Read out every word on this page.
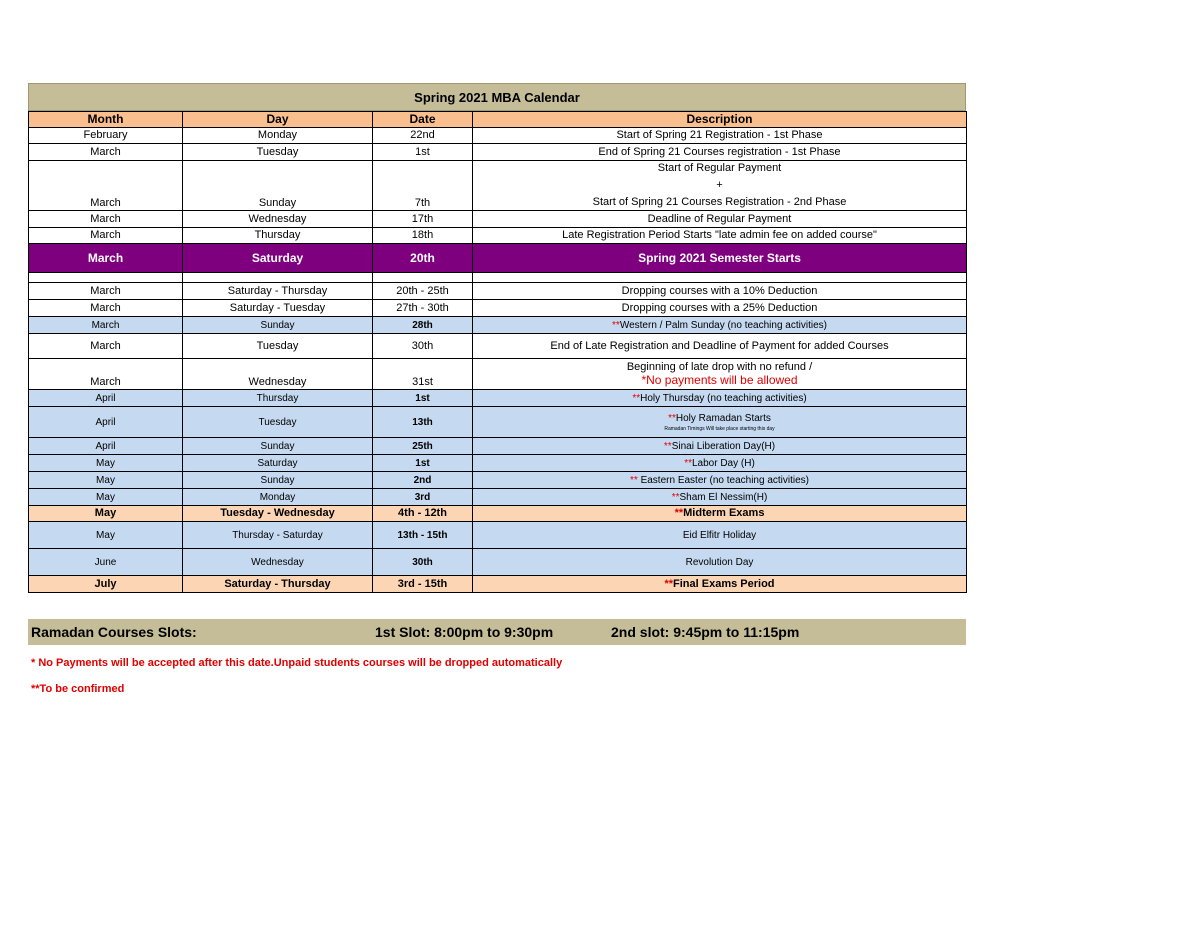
Spring 2021 MBA Calendar
Month	Day	Date	Description
February	Monday	22nd	Start of Spring 21 Registration - 1st Phase
March	Tuesday	1st	End of Spring 21 Courses registration - 1st Phase
March	Sunday	7th	Start of Regular Payment
+
Start of Spring 21 Courses Registration - 2nd Phase

March	Wednesday	17th	Deadline of Regular Payment
March	Thursday	18th	Late Registration Period Starts "late admin fee on added course"
March	Saturday	20th	Spring 2021 Semester Starts

March	Saturday - Thursday	20th - 25th	Dropping courses with a 10% Deduction
March	Saturday - Tuesday	27th - 30th	Dropping courses with a 25% Deduction
March	Sunday	28th	**Western / Palm Sunday (no teaching activities)
March	Tuesday	30th	End of Late Registration and Deadline of Payment for added Courses
March	Wednesday	31st	Beginning of late drop with no refund /
*No payments will be allowed

April	Thursday	1st	**Holy Thursday (no teaching activities)
April	Tuesday	13th	**Holy Ramadan Starts
Ramadan Timings Will take place starting this day

April	Sunday	25th	**Sinai Liberation Day(H)
May	Saturday	1st	**Labor Day (H)
May	Sunday	2nd	** Eastern Easter (no teaching activities)
May	Monday	3rd	**Sham El Nessim(H)
May	Tuesday - Wednesday	4th - 12th	**Midterm Exams
May	Thursday - Saturday	13th - 15th	Eid Elfitr Holiday
June	Wednesday	30th	Revolution Day
July	Saturday - Thursday	3rd - 15th	**Final Exams Period
Ramadan Courses Slots:	1st Slot: 8:00pm to 9:30pm	2nd slot: 9:45pm to 11:15pm
* No Payments will be accepted after this date.Unpaid students courses will be dropped automatically
**To be confirmed
